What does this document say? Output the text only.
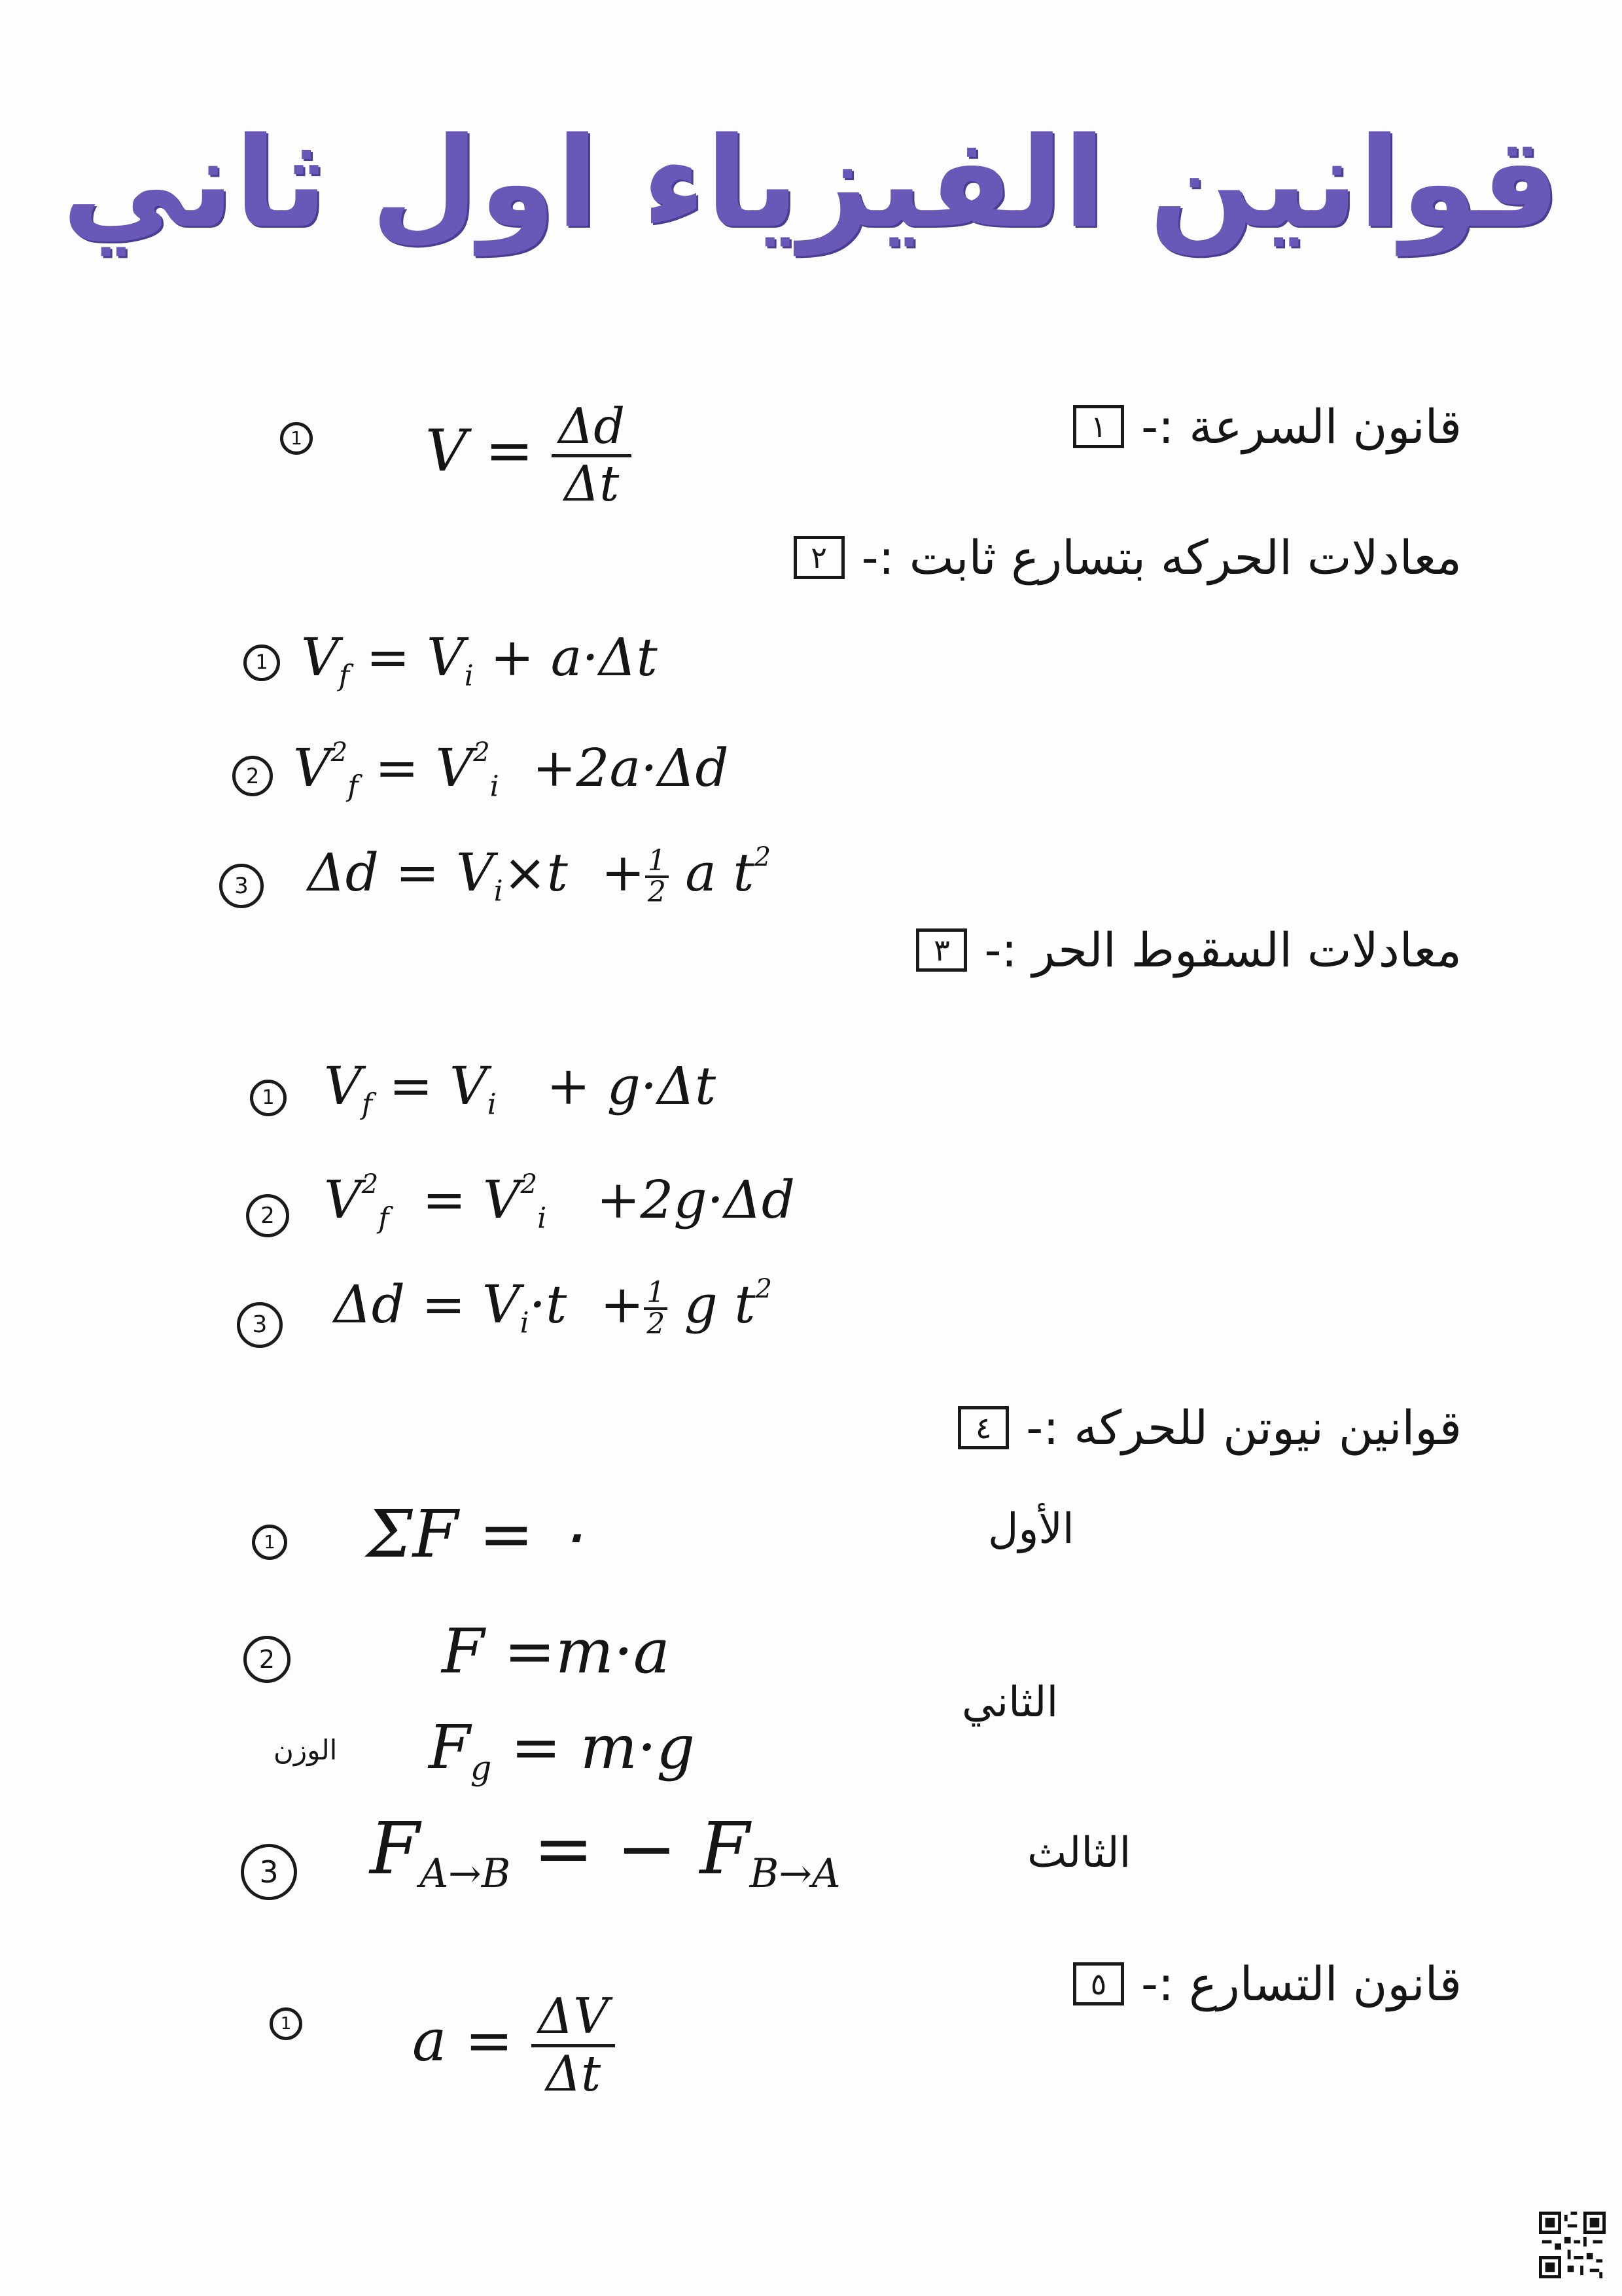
قوانين الفيزياء اول ثاني
١ قانون السرعة :-
1 $V = \frac{\Delta d}{\Delta t}$
٢ معادلات الحركه بتسارع ثابت :-
1 $V_f = V_i + a\cdot\Delta t$
2 $V^2_f = V^2_i +2a\cdot\Delta d$
3 $\Delta d = V_i\times t + \frac{1}{2}$ a $t^2$
٣ معادلات السقوط الحر :-
1 $V_f = V_i + g\cdot\Delta t$
2 $V^2_f = V^2_i +2g\cdot\Delta d$
3 $\Delta d = V_i\cdot t + \frac{1}{2}$ g $t^2$
٤ قوانين نيوتن للحركه :-
1 ΣF = ٠	الأول
2	F =m·a
الثاني
الوزن $F_g = m\cdot g$
3 $F_{A\to B}$ = − $F_{B\to A}$	الثالث
٥ قانون التسارع :-
1 $a = \frac{\Delta V}{\Delta t}$
